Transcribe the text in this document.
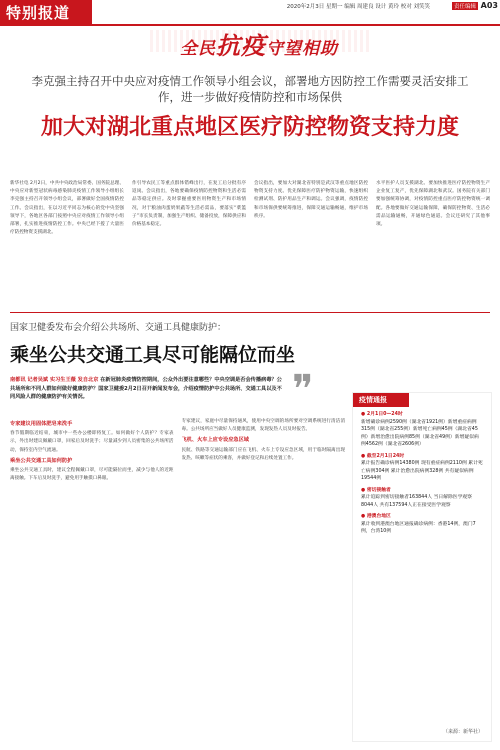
特别报道	2020年2月3日 星期一 编辑 周建良 设计 黄玲 校对 刘笑笑	责任编辑 A03
全民抗疫守望相助
李克强主持召开中央应对疫情工作领导小组会议，部署地方因防控工作需要灵活安排工作，进一步做好疫情防控和市场保供
加大对湖北重点地区医疗防控物资支持力度
新华社电 2月2日，中共中央政治局常委、国务院总理、中央应对新型冠状病毒感染肺炎疫情工作领导小组组长李克强主持召开领导小组会议，部署做好全国疫情防控工作。会议指出，在以习近平同志为核心的党中央坚强领导下，各地区各部门按照中央应对疫情工作领导小组部署，扎实推进疫情防控工作。中央已经下拨了大量医疗防控物资支援湖北。
作引导农民工等重点群体错峰出行，在复工后分批有序返岗。会议指出，各地要确保疫情防控物资和生活必需品等稳定供应。及时掌握重要医用物资生产和市场情况，对于粮油肉蛋奶果蔬等生活必需品，要落实“菜篮子”市长负责制，加强生产组织、储备投放，保障供应和价格基本稳定。
会议指出，要加大对湖北省特别是武汉等重点地区防控物资支持力度。优先保障医疗防护物资运输，快速组织检测试剂、防护用品生产和调运。会议强调，疫情防控和市场保供要统筹推进，保障交通运输畅通，维护市场秩序。
水平医护人员支援湖北。要加快推进医疗防控物资生产企业复工复产，优先保障湖北和武汉。国务院有关部门要加强统筹协调，对疫情防控重点医疗防控物资统一调配。各地要做好交通运输保障，确保防控物资、生活必需品运输通畅，开通绿色通道。会议还研究了其他事项。
国家卫健委发布会介绍公共场所、交通工具健康防护：
乘坐公共交通工具尽可能隔位而坐
南都讯 记者吴斌 实习生王薇 发自北京 在新冠肺炎疫情防控期间，公众外出要注意哪些？中央空调是否会传播病毒？公共场所和不同人群如何做好健康防护？国家卫健委2月2日召开新闻发布会，介绍疫情防护中公共场所、交通工具以及不同风险人群的健康防护有关情况。	❞
专家建议用固体肥皂来洗手
春节假期临近结束，城市中一些办公楼即将复工。如何做好个人防护？专家表示，外出时建议佩戴口罩，回家后及时洗手；尽量减少到人员密集的公共场所活动，保持室内空气流通。
乘坐公共交通工具如何防护
乘坐公共交通工具时，建议全程佩戴口罩，尽可能隔位而坐，减少与他人的近距离接触。下车后及时洗手，避免用手触摸口鼻眼。
专家建议，家庭中尽量保持通风，使用中央空调的场所要对空调系统进行清洁消毒。公共场所应当做好人员健康监测，发现发热人员及时报告。
飞机、火车上应专设应急区域
民航、铁路等交通运输部门应在飞机、火车上专设应急区域，用于临时隔离出现发热、咳嗽等症状的乘客，并做好登记和后续处置工作。
疫情通报
● 2月1日0—24时
新增确诊病例2590例（湖北省1921例）新增重症病例315例（湖北省255例）新增死亡病例45例（湖北省45例）新增治愈出院病例85例（湖北省49例）新增疑似病例4562例（湖北省2606例）
● 截至2月1日24时
累计报告确诊病例14380例 现有重症病例2110例 累计死亡病例304例 累计治愈出院病例328例 共有疑似病例19544例
● 密切接触者
累计追踪到密切接触者163844人 当日解除医学观察8044人 共有137594人正在接受医学观察
● 港澳台地区
累计收到港澳台地区通报确诊病例：香港14例，澳门7例，台湾10例
（来源：新华社）
